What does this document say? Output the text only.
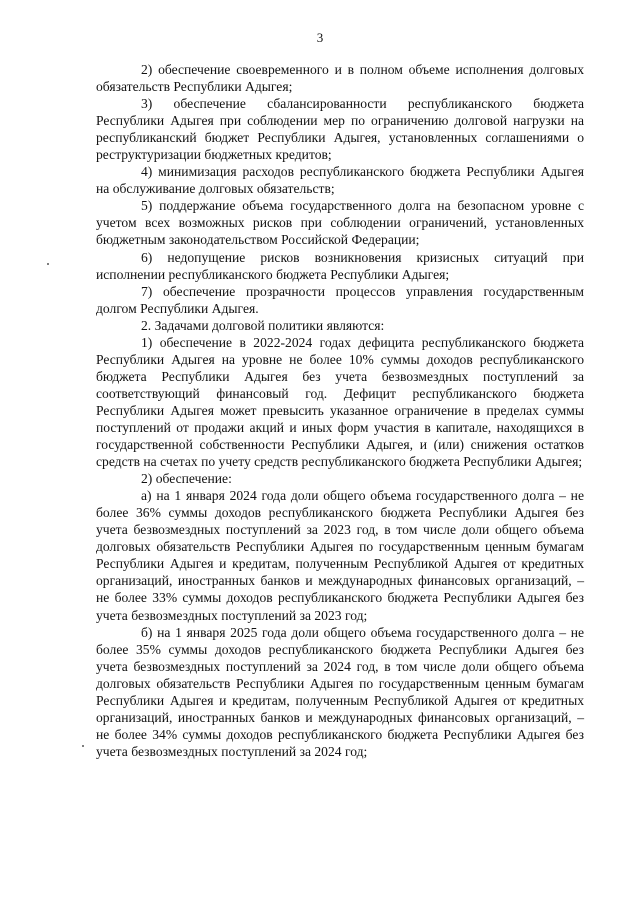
3

2) обеспечение своевременного и в полном объеме исполнения долговых обязательств Республики Адыгея;

3) обеспечение сбалансированности республиканского бюджета Республики Адыгея при соблюдении мер по ограничению долговой нагрузки на республиканский бюджет Республики Адыгея, установленных соглашениями о реструктуризации бюджетных кредитов;

4) минимизация расходов республиканского бюджета Республики Адыгея на обслуживание долговых обязательств;

5) поддержание объема государственного долга на безопасном уровне с учетом всех возможных рисков при соблюдении ограничений, установленных бюджетным законодательством Российской Федерации;

6) недопущение рисков возникновения кризисных ситуаций при исполнении республиканского бюджета Республики Адыгея;

7) обеспечение прозрачности процессов управления государственным долгом Республики Адыгея.

2. Задачами долговой политики являются:

1) обеспечение в 2022-2024 годах дефицита республиканского бюджета Республики Адыгея на уровне не более 10% суммы доходов республиканского бюджета Республики Адыгея без учета безвозмездных поступлений за соответствующий финансовый год. Дефицит республиканского бюджета Республики Адыгея может превысить указанное ограничение в пределах суммы поступлений от продажи акций и иных форм участия в капитале, находящихся в государственной собственности Республики Адыгея, и (или) снижения остатков средств на счетах по учету средств республиканского бюджета Республики Адыгея;

2) обеспечение:

а) на 1 января 2024 года доли общего объема государственного долга – не более 36% суммы доходов республиканского бюджета Республики Адыгея без учета безвозмездных поступлений за 2023 год, в том числе доли общего объема долговых обязательств Республики Адыгея по государственным ценным бумагам Республики Адыгея и кредитам, полученным Республикой Адыгея от кредитных организаций, иностранных банков и международных финансовых организаций, – не более 33% суммы доходов республиканского бюджета Республики Адыгея без учета безвозмездных поступлений за 2023 год;

б) на 1 января 2025 года доли общего объема государственного долга – не более 35% суммы доходов республиканского бюджета Республики Адыгея без учета безвозмездных поступлений за 2024 год, в том числе доли общего объема долговых обязательств Республики Адыгея по государственным ценным бумагам Республики Адыгея и кредитам, полученным Республикой Адыгея от кредитных организаций, иностранных банков и международных финансовых организаций, – не более 34% суммы доходов республиканского бюджета Республики Адыгея без учета безвозмездных поступлений за 2024 год;
